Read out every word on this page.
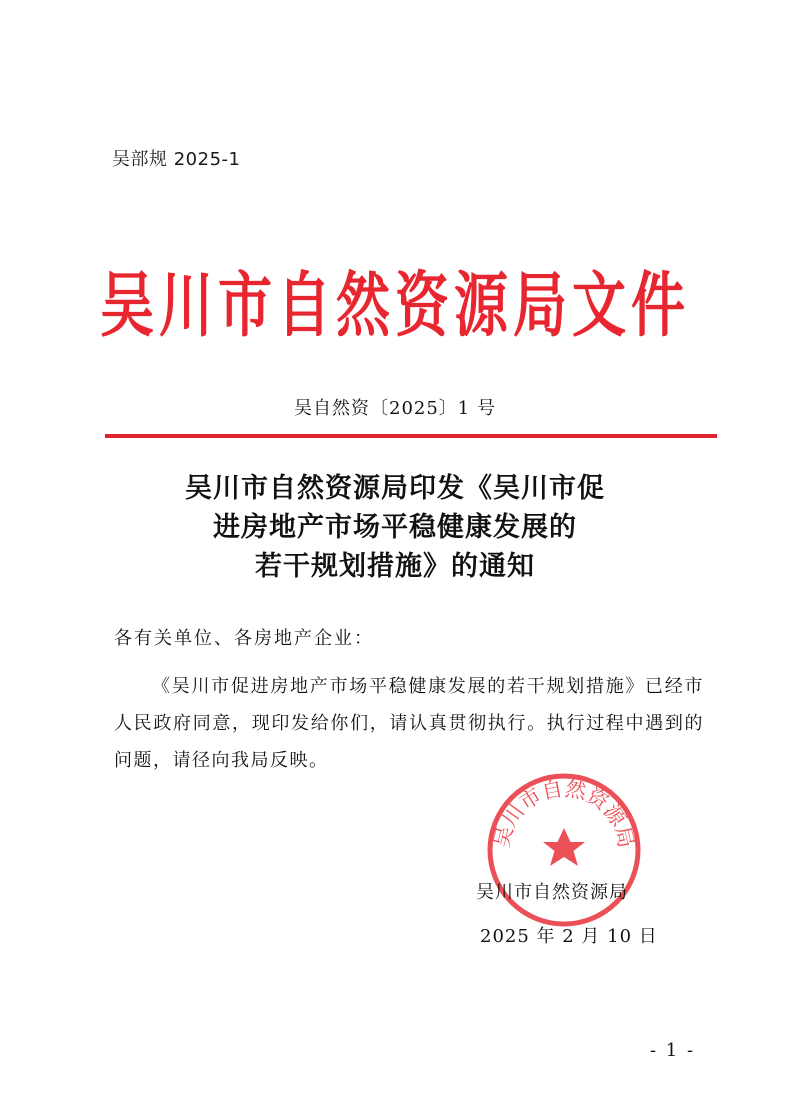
吴部规 2025-1
吴川市自然资源局文件
吴自然资〔2025〕1 号
吴川市自然资源局印发《吴川市促
进房地产市场平稳健康发展的
若干规划措施》的通知
各有关单位、各房地产企业：
《吴川市促进房地产市场平稳健康发展的若干规划措施》已经市人民政府同意，现印发给你们，请认真贯彻执行。执行过程中遇到的问题，请径向我局反映。
吴川市自然资源局
吴川市自然资源局
2025 年 2 月 10 日
- 1 -
